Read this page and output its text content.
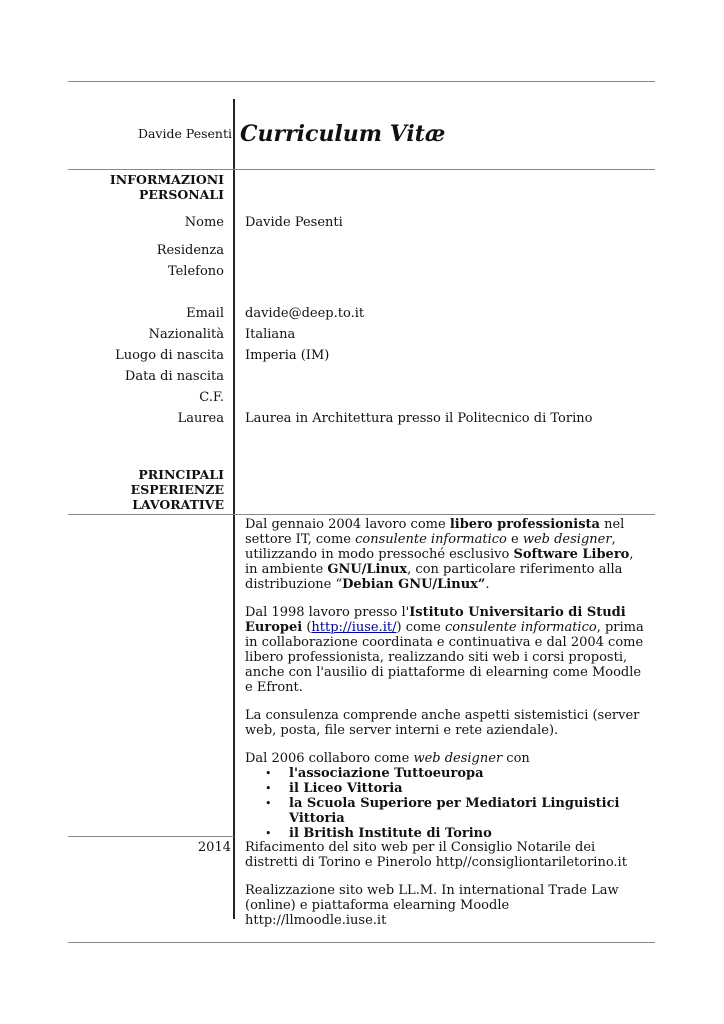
Davide Pesenti Curriculum Vitæ
INFORMAZIONI
PERSONALI
Nome Davide Pesenti
Residenza
Telefono
Email davide@deep.to.it
Nazionalità Italiana
Luogo di nascita Imperia (IM)
Data di nascita
C.F.
Laurea Laurea in Architettura presso il Politecnico di Torino
PRINCIPALI
ESPERIENZE
LAVORATIVE

Dal gennaio 2004 lavoro come libero professionista nel settore IT, come consulente informatico e web designer, utilizzando in modo pressoché esclusivo Software Libero, in ambiente GNU/Linux, con particolare riferimento alla distribuzione “Debian GNU/Linux”.

Dal 1998 lavoro presso l'Istituto Universitario di Studi Europei (http://iuse.it/) come consulente informatico, prima in collaborazione coordinata e continuativa e dal 2004 come libero professionista, realizzando siti web i corsi proposti, anche con l'ausilio di piattaforme di elearning come Moodle e Efront.

La consulenza comprende anche aspetti sistemistici (server web, posta, file server interni e rete aziendale).

Dal 2006 collaboro come web designer con

• l'associazione Tuttoeuropa
• il Liceo Vittoria
• la Scuola Superiore per Mediatori Linguistici Vittoria
• il British Institute di Torino
2014 Rifacimento del sito web per il Consiglio Notarile dei distretti di Torino e Pinerolo http//consigliontariletorino.it

Realizzazione sito web LL.M. In international Trade Law (online) e piattaforma elearning Moodle http://llmoodle.iuse.it
